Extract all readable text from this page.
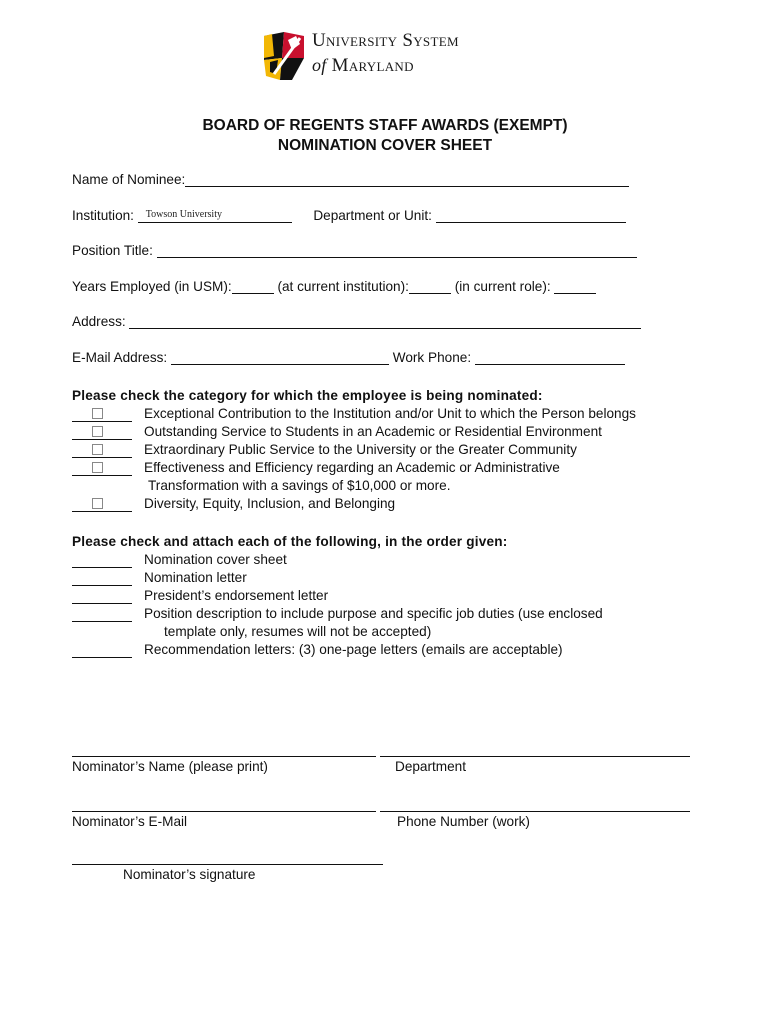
University System
of Maryland
BOARD OF REGENTS STAFF AWARDS (EXEMPT)
NOMINATION COVER SHEET
Name of Nominee:
Institution: Towson University	Department or Unit:
Position Title:
Years Employed (in USM):	(at current institution):	(in current role):
Address:
E-Mail Address:	Work Phone:
Please check the category for which the employee is being nominated:
Exceptional Contribution to the Institution and/or Unit to which the Person belongs
Outstanding Service to Students in an Academic or Residential Environment
Extraordinary Public Service to the University or the Greater Community
Effectiveness and Efficiency regarding an Academic or Administrative
Transformation with a savings of $10,000 or more.
Diversity, Equity, Inclusion, and Belonging
Please check and attach each of the following, in the order given:
Nomination cover sheet
Nomination letter
President’s endorsement letter
Position description to include purpose and specific job duties (use enclosed
template only, resumes will not be accepted)
Recommendation letters: (3) one-page letters (emails are acceptable)
Nominator’s Name (please print)	Department
Nominator’s E-Mail	Phone Number (work)
Nominator’s signature
